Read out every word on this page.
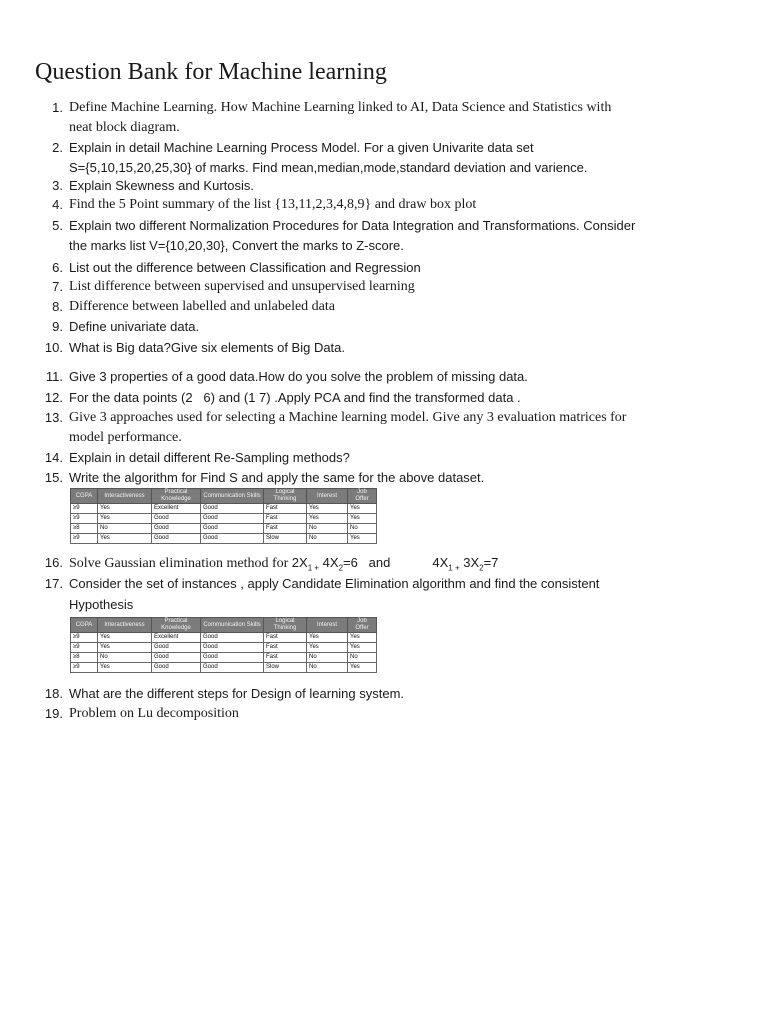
Question Bank for Machine learning
1. Define Machine Learning. How Machine Learning linked to AI, Data Science and Statistics with
neat block diagram.
2. Explain in detail Machine Learning Process Model. For a given Univarite data set
S={5,10,15,20,25,30} of marks. Find mean,median,mode,standard deviation and varience.
3. Explain Skewness and Kurtosis.
4. Find the 5 Point summary of the list {13,11,2,3,4,8,9} and draw box plot
5. Explain two different Normalization Procedures for Data Integration and Transformations. Consider
the marks list V={10,20,30}, Convert the marks to Z-score.
6. List out the difference between Classification and Regression
7. List difference between supervised and unsupervised learning
8. Difference between labelled and unlabeled data
9. Define univariate data.
10. What is Big data?Give six elements of Big Data.
11. Give 3 properties of a good data.How do you solve the problem of missing data.
12. For the data points (2   6) and (1 7) .Apply PCA and find the transformed data .
13. Give 3 approaches used for selecting a Machine learning model. Give any 3 evaluation matrices for
model performance.
14. Explain in detail different Re-Sampling methods?
15. Write the algorithm for Find S and apply the same for the above dataset.
CGPA	Interactiveness	Practical Knowledge	Communication Skills	Logical Thinking	Interest	Job Offer
≥9	Yes	Excellent	Good	Fast	Yes	Yes
≥9	Yes	Good	Good	Fast	Yes	Yes
≥8	No	Good	Good	Fast	No	No
≥9	Yes	Good	Good	Slow	No	Yes
16. Solve Gaussian elimination method for $2X_{1 +}$ $4X_2=6$   and	$4X_{1 +}$ $3X_2=7$
17. Consider the set of instances , apply Candidate Elimination algorithm and find the consistent
Hypothesis
CGPA	Interactiveness	Practical Knowledge	Communication Skills	Logical Thinking	Interest	Job Offer
≥9	Yes	Excellent	Good	Fast	Yes	Yes
≥9	Yes	Good	Good	Fast	Yes	Yes
≥8	No	Good	Good	Fast	No	No
≥9	Yes	Good	Good	Slow	No	Yes
18. What are the different steps for Design of learning system.
19. Problem on Lu decomposition
